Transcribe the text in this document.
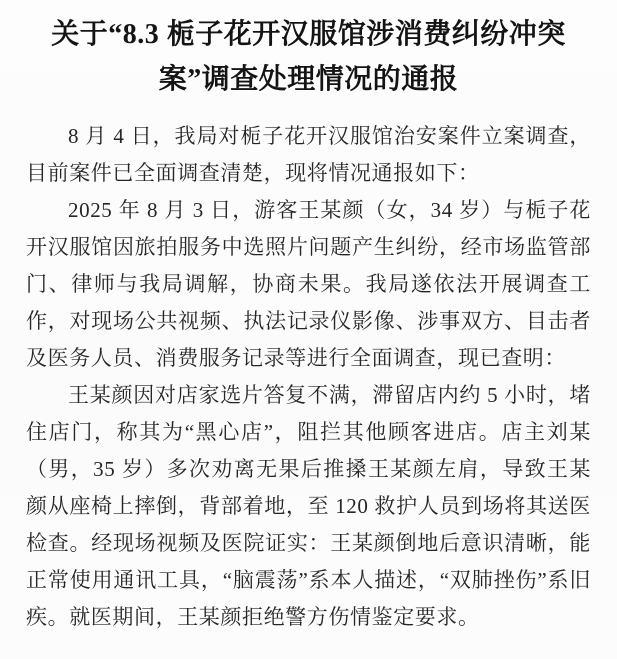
关于“8.3 栀子花开汉服馆涉消费纠纷冲突
案”调查处理情况的通报

8 月 4 日，我局对栀子花开汉服馆治安案件立案调查，目前案件已全面调查清楚，现将情况通报如下：

2025 年 8 月 3 日，游客王某颜（女，34 岁）与栀子花开汉服馆因旅拍服务中选照片问题产生纠纷，经市场监管部门、律师与我局调解，协商未果。我局遂依法开展调查工作，对现场公共视频、执法记录仪影像、涉事双方、目击者及医务人员、消费服务记录等进行全面调查，现已查明：

王某颜因对店家选片答复不满，滞留店内约 5 小时，堵住店门，称其为“黑心店”，阻拦其他顾客进店。店主刘某（男，35 岁）多次劝离无果后推搡王某颜左肩，导致王某颜从座椅上摔倒，背部着地，至 120 救护人员到场将其送医检查。经现场视频及医院证实：王某颜倒地后意识清晰，能正常使用通讯工具，“脑震荡”系本人描述，“双肺挫伤”系旧疾。就医期间，王某颜拒绝警方伤情鉴定要求。
